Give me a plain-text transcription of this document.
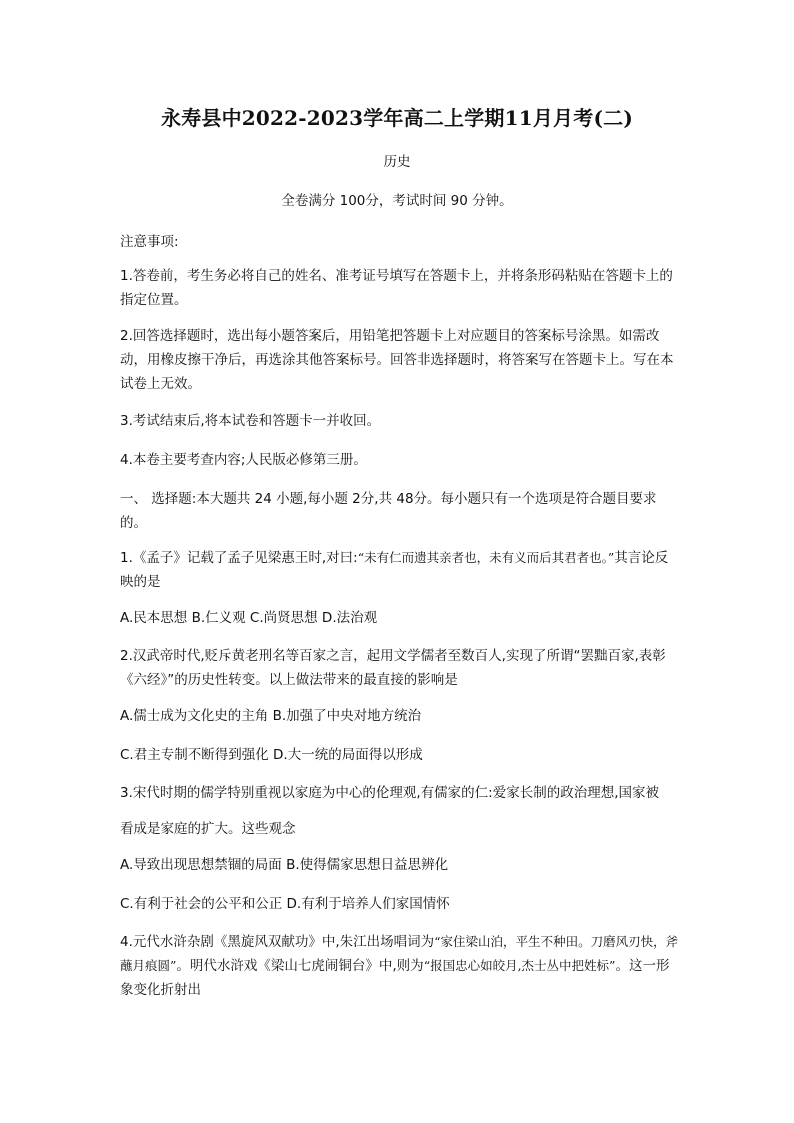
永寿县中2022-2023学年高二上学期11月月考(二)
历史
全卷满分 100分，考试时间 90 分钟。

注意事项:

1.答卷前，考生务必将自己的姓名、准考证号填写在答题卡上，并将条形码粘贴在答题卡上的指定位置。

2.回答选择题时，选出每小题答案后，用铅笔把答题卡上对应题目的答案标号涂黑。如需改动，用橡皮擦干净后，再选涂其他答案标号。回答非选择题时，将答案写在答题卡上。写在本试卷上无效。

3.考试结束后,将本试卷和答题卡一并收回。

4.本卷主要考查内容;人民版必修第三册。

一、 选择题:本大题共 24 小题,每小题 2分,共 48分。每小题只有一个选项是符合题目要求的。

1.《孟子》记载了孟子见梁惠王时,对曰:“未有仁而遗其亲者也，未有义而后其君者也。”其言论反映的是

A.民本思想 B.仁义观 C.尚贤思想 D.法治观

2.汉武帝时代,贬斥黄老刑名等百家之言，起用文学儒者至数百人,实现了所谓“罢黜百家,表彰《六经》”的历史性转变。以上做法带来的最直接的影响是

A.儒士成为文化史的主角 B.加强了中央对地方统治

C.君主专制不断得到强化 D.大一统的局面得以形成

3.宋代时期的儒学特别重视以家庭为中心的伦理观,有儒家的仁:爱家长制的政治理想,国家被

看成是家庭的扩大。这些观念

A.导致出现思想禁锢的局面 B.使得儒家思想日益思辨化

C.有利于社会的公平和公正 D.有利于培养人们家国情怀

4.元代水浒杂剧《黑旋风双献功》中,朱江出场唱词为“家住梁山泊，平生不种田。刀磨风刃快，斧蘸月痕圆”。明代水浒戏《梁山七虎闹铜台》中,则为“报国忠心如皎月,杰士丛中把姓标”。这一形象变化折射出
